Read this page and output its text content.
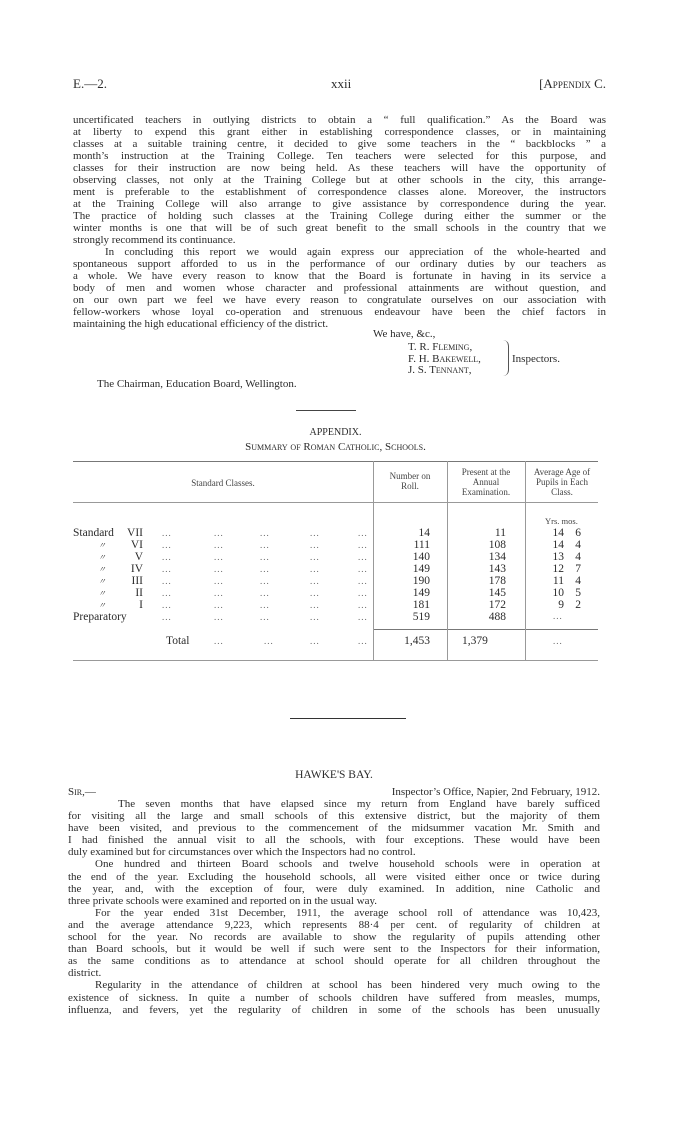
E.—2.	xxii	[Appendix C.
uncertificated teachers in outlying districts to obtain a “ full qualification.” As the Board was
at liberty to expend this grant either in establishing correspondence classes, or in maintaining
classes at a suitable training centre, it decided to give some teachers in the “ backblocks ” a
month’s instruction at the Training College. Ten teachers were selected for this purpose, and
classes for their instruction are now being held. As these teachers will have the opportunity of
observing classes, not only at the Training College but at other schools in the city, this arrange-
ment is preferable to the establishment of correspondence classes alone. Moreover, the instructors
at the Training College will also arrange to give assistance by correspondence during the year.
The practice of holding such classes at the Training College during either the summer or the
winter months is one that will be of such great benefit to the small schools in the country that we
strongly recommend its continuance.
In concluding this report we would again express our appreciation of the whole-hearted and
spontaneous support afforded to us in the performance of our ordinary duties by our teachers as
a whole. We have every reason to know that the Board is fortunate in having in its service a
body of men and women whose character and professional attainments are without question, and
on our own part we feel we have every reason to congratulate ourselves on our association with
fellow-workers whose loyal co-operation and strenuous endeavour have been the chief factors in
maintaining the high educational efficiency of the district.
We have, &c.,
T. R. Fleming,
F. H. Bakewell,
J. S. Tennant,
Inspectors.
The Chairman, Education Board, Wellington.
APPENDIX.
Summary of Roman Catholic, Schools.
Standard Classes.
Number on Roll.
Present at the Annual Examination.
Average Age of Pupils in Each Class.
Yrs. mos.
Standard VII ...	...	...	...	...	14	11	14 6
〃 VI ...	...	...	...	...	111	108	14 4
〃 V ...	...	...	...	...	140	134	13 4
〃 IV ...	...	...	...	...	149	143	12 7
〃 III ...	...	...	...	...	190	178	11 4
〃	II ...	...	...	...	...	149	145	10 5
〃	I ...	...	...	...	...	181	172	9 2
Preparatory	...	...	...	...	...	519	488	...
Total	...	...	...	...	1,453	1,379	...
HAWKE'S BAY.
Sir,—	Inspector’s Office, Napier, 2nd February, 1912.
The seven months that have elapsed since my return from England have barely sufficed
for visiting all the large and small schools of this extensive district, but the majority of them
have been visited, and previous to the commencement of the midsummer vacation Mr. Smith and
I had finished the annual visit to all the schools, with four exceptions. These would have been
duly examined but for circumstances over which the Inspectors had no control.
One hundred and thirteen Board schools and twelve household schools were in operation at
the end of the year. Excluding the household schools, all were visited either once or twice during
the year, and, with the exception of four, were duly examined. In addition, nine Catholic and
three private schools were examined and reported on in the usual way.
For the year ended 31st December, 1911, the average school roll of attendance was 10,423,
and the average attendance 9,223, which represents 88·4 per cent. of regularity of children at
school for the year. No records are available to show the regularity of pupils attending other
than Board schools, but it would be well if such were sent to the Inspectors for their information,
as the same conditions as to attendance at school should operate for all children throughout the
district.
Regularity in the attendance of children at school has been hindered very much owing to the
existence of sickness. In quite a number of schools children have suffered from measles, mumps,
influenza, and fevers, yet the regularity of children in some of the schools has been unusually
